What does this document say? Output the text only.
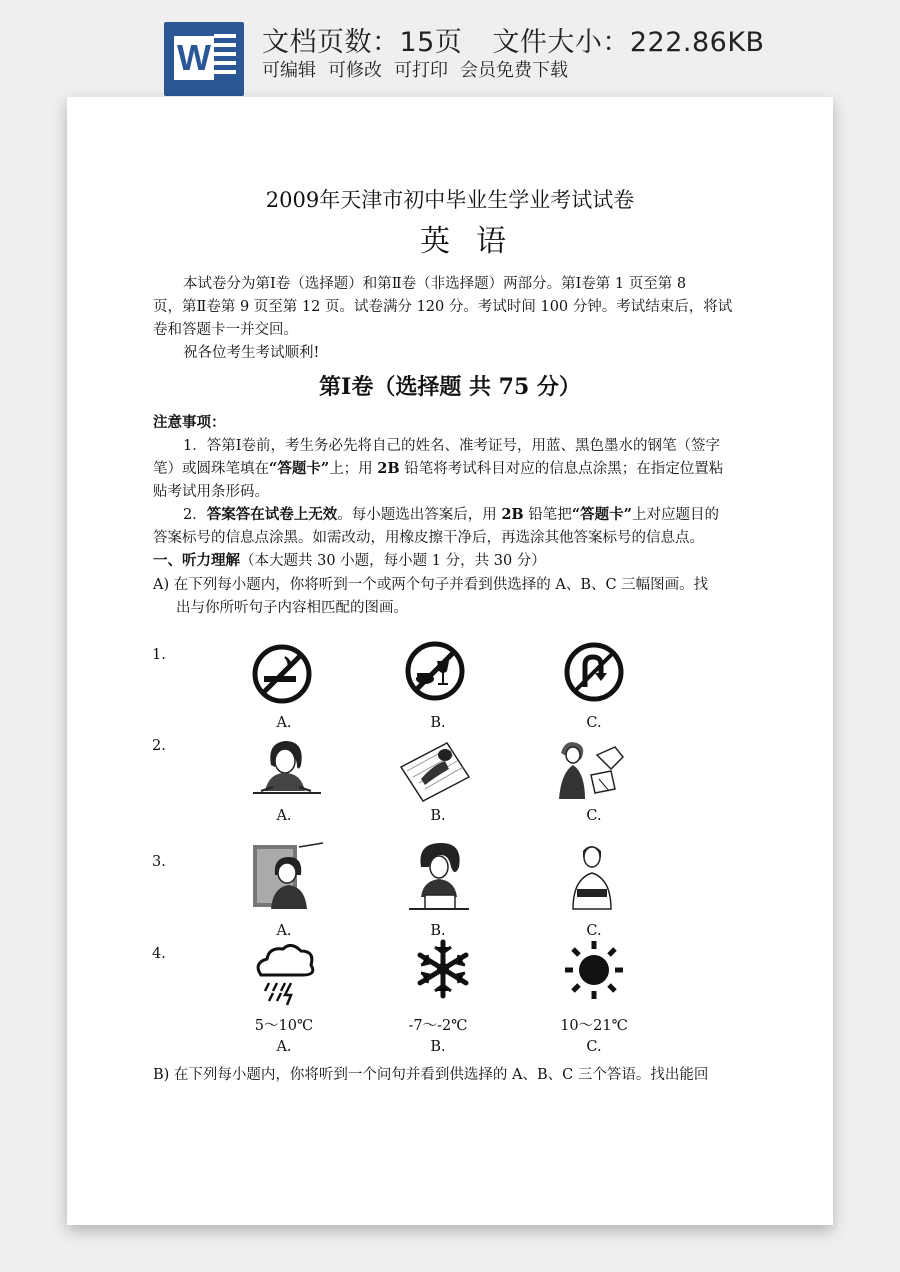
W 文档页数：15页 文件大小：222.86KB
可编辑 可修改 可打印 会员免费下载
2009年天津市初中毕业生学业考试试卷
英语
本试卷分为第Ⅰ卷（选择题）和第Ⅱ卷（非选择题）两部分。第Ⅰ卷第 1 页至第 8
页，第Ⅱ卷第 9 页至第 12 页。试卷满分 120 分。考试时间 100 分钟。考试结束后，将试
卷和答题卡一并交回。
祝各位考生考试顺利!
第Ⅰ卷（选择题 共 75 分）
注意事项：
1．答第Ⅰ卷前，考生务必先将自己的姓名、准考证号，用蓝、黑色墨水的钢笔（签字
笔）或圆珠笔填在“答题卡”上；用 2B 铅笔将考试科目对应的信息点涂黑；在指定位置粘
贴考试用条形码。
2．答案答在试卷上无效。每小题选出答案后，用 2B 铅笔把“答题卡”上对应题目的
答案标号的信息点涂黑。如需改动，用橡皮擦干净后，再选涂其他答案标号的信息点。
一、听力理解（本大题共 30 小题，每小题 1 分，共 30 分）
A) 在下列每小题内，你将听到一个或两个句子并看到供选择的 A、B、C 三幅图画。找
出与你所听句子内容相匹配的图画。
1.
A.	B.	C.
2.
A.	B.	C.
3.
A.	B.	C.
4.
5～10℃	-7～-2℃	10～21℃
A.	B.	C.
B) 在下列每小题内，你将听到一个问句并看到供选择的 A、B、C 三个答语。找出能回
